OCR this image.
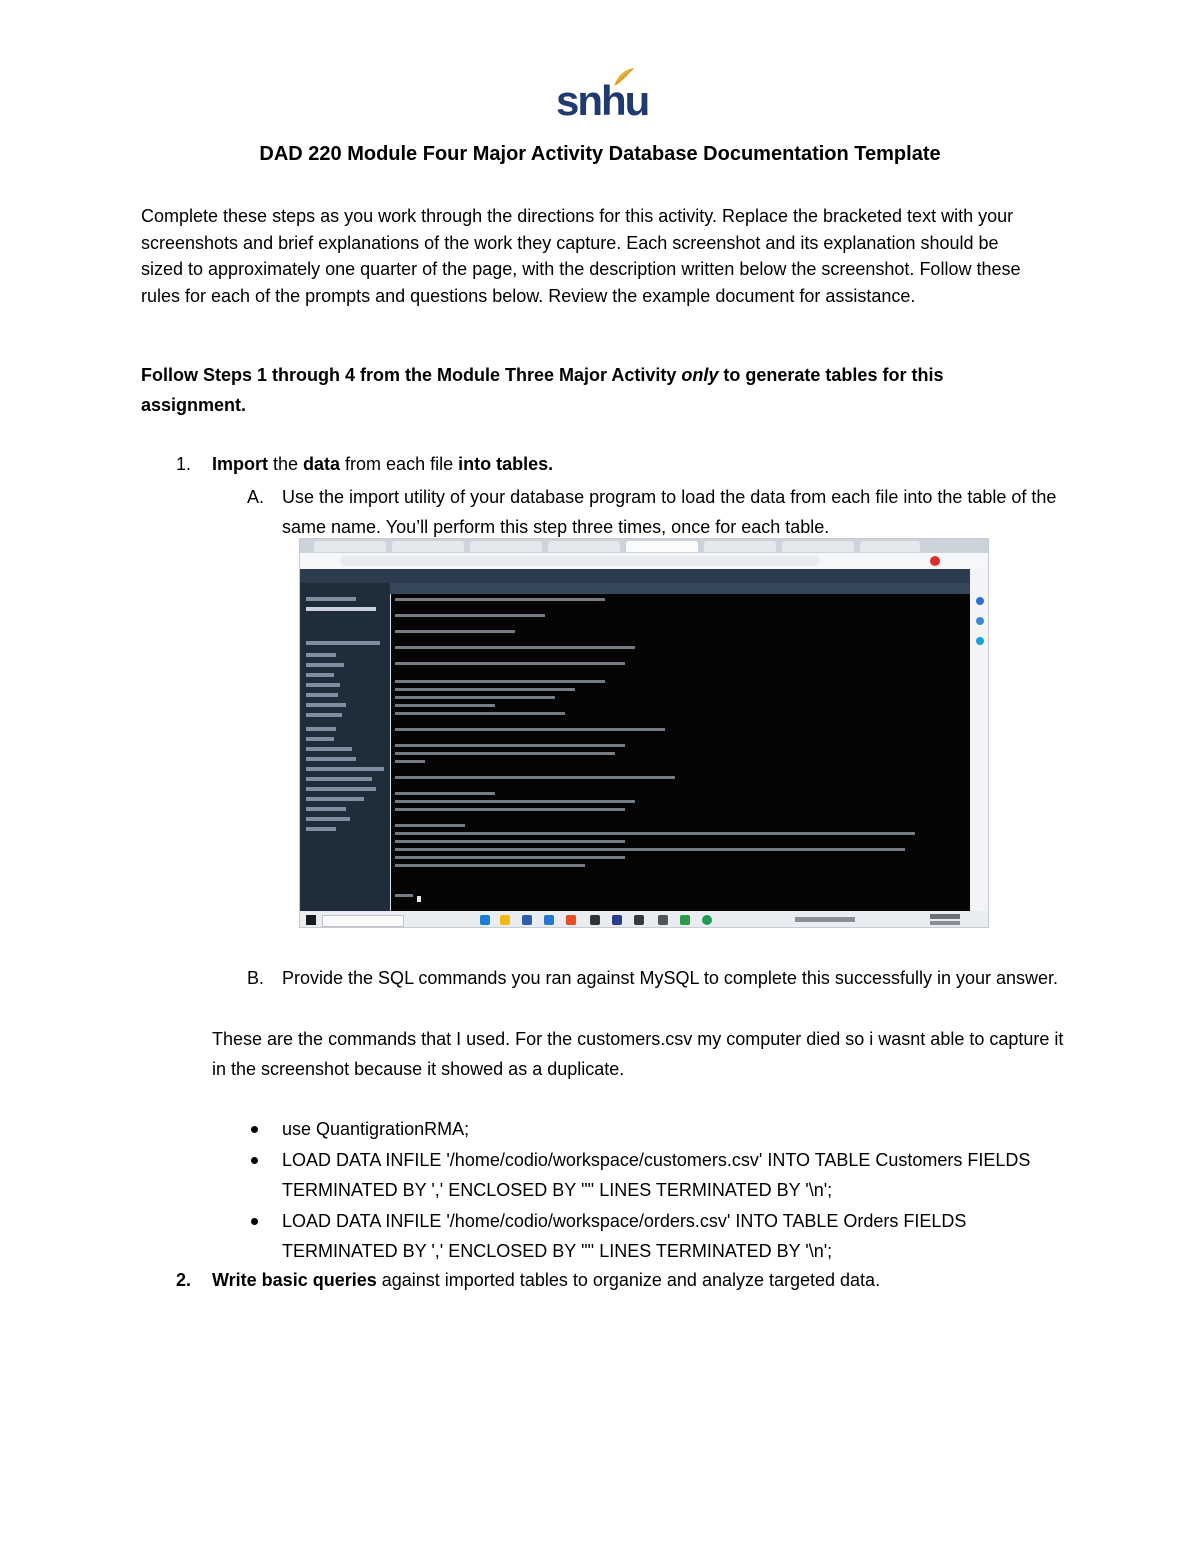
snhu
DAD 220 Module Four Major Activity Database Documentation Template
Complete these steps as you work through the directions for this activity. Replace the bracketed text with your screenshots and brief explanations of the work they capture. Each screenshot and its explanation should be sized to approximately one quarter of the page, with the description written below the screenshot. Follow these rules for each of the prompts and questions below. Review the example document for assistance.
Follow Steps 1 through 4 from the Module Three Major Activity only to generate tables for this assignment.
1. Import the data from each file into tables.
A. Use the import utility of your database program to load the data from each file into the table of the same name. You’ll perform this step three times, once for each table.
B. Provide the SQL commands you ran against MySQL to complete this successfully in your answer.
These are the commands that I used. For the customers.csv my computer died so i wasnt able to capture it in the screenshot because it showed as a duplicate.
use QuantigrationRMA;
LOAD DATA INFILE '/home/codio/workspace/customers.csv' INTO TABLE Customers FIELDS TERMINATED BY ',' ENCLOSED BY '"' LINES TERMINATED BY '\n';
LOAD DATA INFILE '/home/codio/workspace/orders.csv' INTO TABLE Orders FIELDS TERMINATED BY ',' ENCLOSED BY '"' LINES TERMINATED BY '\n';
2. Write basic queries against imported tables to organize and analyze targeted data.
